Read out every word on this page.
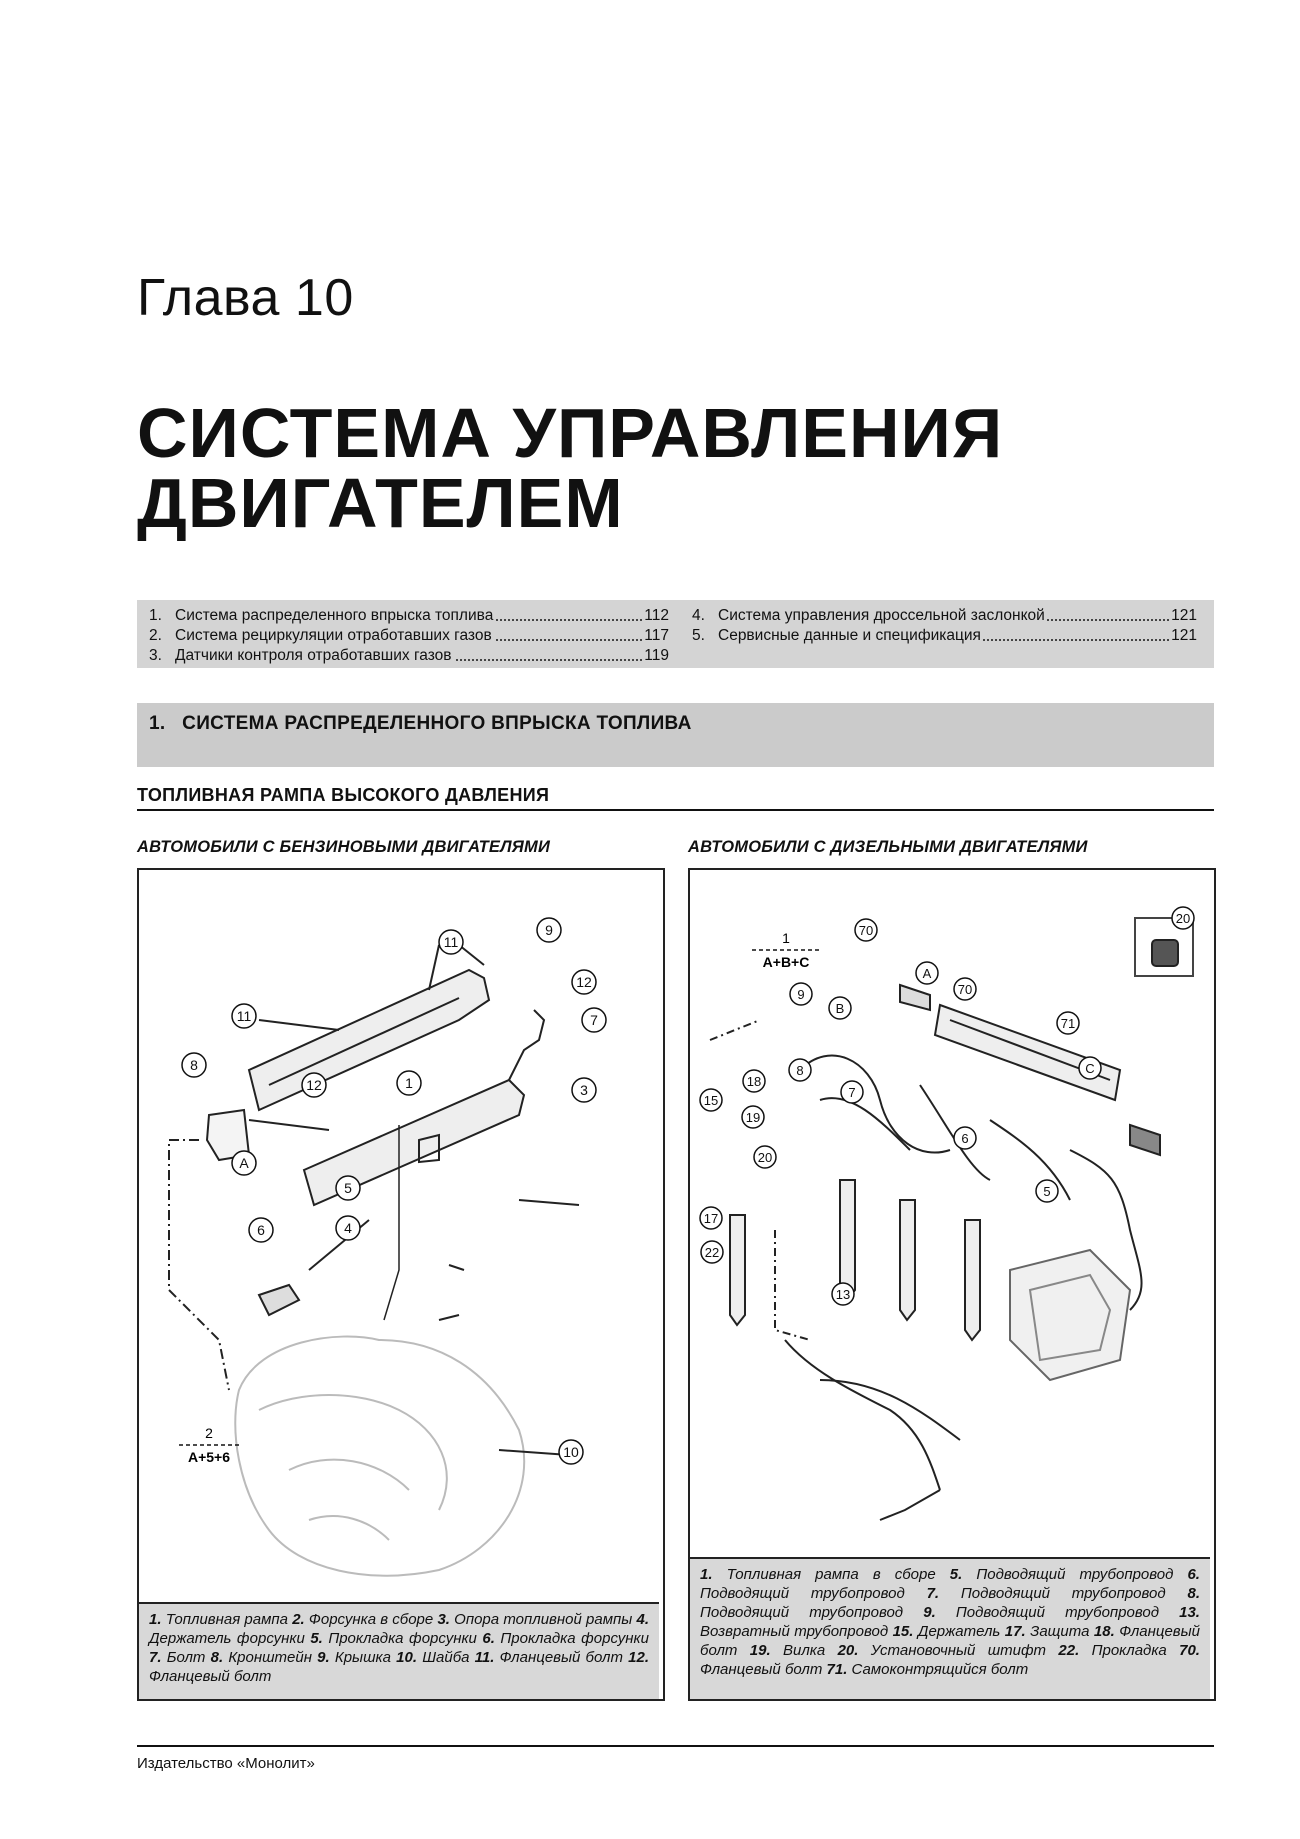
Глава 10
СИСТЕМА УПРАВЛЕНИЯ
ДВИГАТЕЛЕМ
1. Система распределенного впрыска топлива	112
2. Система рециркуляции отработавших газов	117
3. Датчики контроля отработавших газов	119
4. Система управления дроссельной заслонкой	121
5. Сервисные данные и спецификация	121
1.   СИСТЕМА РАСПРЕДЕЛЕННОГО ВПРЫСКА ТОПЛИВА
ТОПЛИВНАЯ РАМПА ВЫСОКОГО ДАВЛЕНИЯ
АВТОМОБИЛИ С БЕНЗИНОВЫМИ ДВИГАТЕЛЯМИ	АВТОМОБИЛИ С ДИЗЕЛЬНЫМИ ДВИГАТЕЛЯМИ
11
9
12
11
8
12	1
7
3
A
5
6	4
10
2
A+5+6
1. Топливная рампа 2. Форсунка в сборе 3. Опора топливной рампы 4. Держатель форсунки 5. Прокладка форсунки 6. Прокладка форсунки 7. Болт 8. Кронштейн 9. Крышка 10. Шайба 11. Фланцевый болт 12. Фланцевый болт
20
70
A
B
9	70
71
8
7
C
18
15
19
6
20
5
17
22
13
1
A+B+C
1. Топливная рампа в сборе 5. Подводящий трубопровод 6. Подводящий трубопровод 7. Подводящий трубопровод 8. Подводящий трубопровод 9. Подводящий трубопровод 13. Возвратный трубопровод 15. Держатель 17. Защита 18. Фланцевый болт 19. Вилка 20. Установочный штифт 22. Прокладка 70. Фланцевый болт 71. Самоконтрящийся болт
Издательство «Монолит»
